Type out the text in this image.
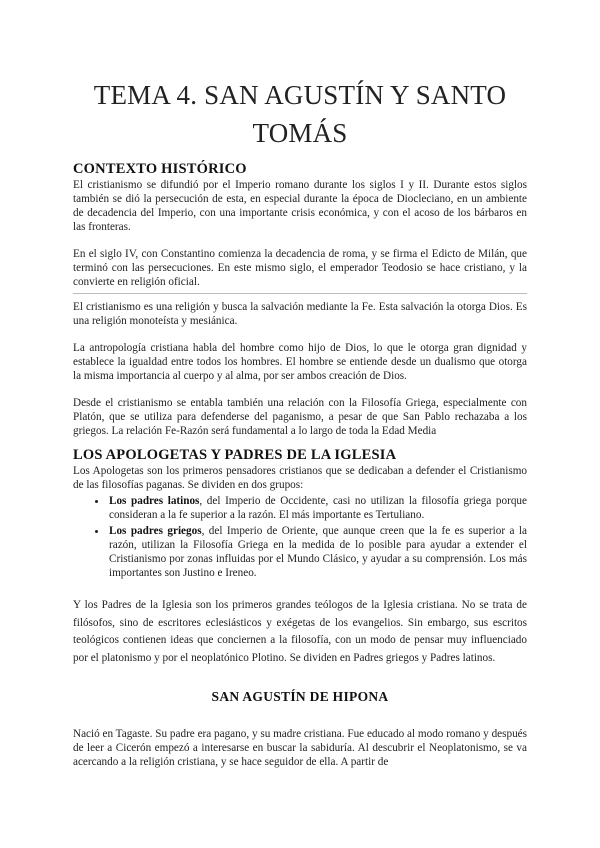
TEMA 4. SAN AGUSTÍN Y SANTO TOMÁS
CONTEXTO HISTÓRICO

El cristianismo se difundió por el Imperio romano durante los siglos I y II. Durante estos siglos también se dió la persecución de esta, en especial durante la época de Diocleciano, en un ambiente de decadencia del Imperio, con una importante crisis económica, y con el acoso de los bárbaros en las fronteras.

En el siglo IV, con Constantino comienza la decadencia de roma, y se firma el Edicto de Milán, que terminó con las persecuciones. En este mismo siglo, el emperador Teodosio se hace cristiano, y la convierte en religión oficial.

El cristianismo es una religión y busca la salvación mediante la Fe. Esta salvación la otorga Dios. Es una religión monoteísta y mesiánica.

La antropología cristiana habla del hombre como hijo de Dios, lo que le otorga gran dignidad y establece la igualdad entre todos los hombres. El hombre se entiende desde un dualismo que otorga la misma importancia al cuerpo y al alma, por ser ambos creación de Dios.

Desde el cristianismo se entabla también una relación con la Filosofía Griega, especialmente con Platón, que se utiliza para defenderse del paganismo, a pesar de que San Pablo rechazaba a los griegos. La relación Fe-Razón será fundamental a lo largo de toda la Edad Media

LOS APOLOGETAS Y PADRES DE LA IGLESIA

Los Apologetas son los primeros pensadores cristianos que se dedicaban a defender el Cristianismo de las filosofías paganas. Se dividen en dos grupos:

• Los padres latinos, del Imperio de Occidente, casi no utilizan la filosofía griega porque consideran a la fe superior a la razón. El más importante es Tertuliano.
• Los padres griegos, del Imperio de Oriente, que aunque creen que la fe es superior a la razón, utilizan la Filosofía Griega en la medida de lo posible para ayudar a extender el Cristianismo por zonas influidas por el Mundo Clásico, y ayudar a su comprensión. Los más importantes son Justino e Ireneo.

Y los Padres de la Iglesia son los primeros grandes teólogos de la Iglesia cristiana. No se trata de filósofos, sino de escritores eclesiásticos y exégetas de los evangelios. Sin embargo, sus escritos teológicos contienen ideas que conciernen a la filosofía, con un modo de pensar muy influenciado por el platonismo y por el neoplatónico Plotino. Se dividen en Padres griegos y Padres latinos.

SAN AGUSTÍN DE HIPONA

Nació en Tagaste. Su padre era pagano, y su madre cristiana. Fue educado al modo romano y después de leer a Cicerón empezó a interesarse en buscar la sabiduría. Al descubrir el Neoplatonismo, se va acercando a la religión cristiana, y se hace seguidor de ella. A partir de
